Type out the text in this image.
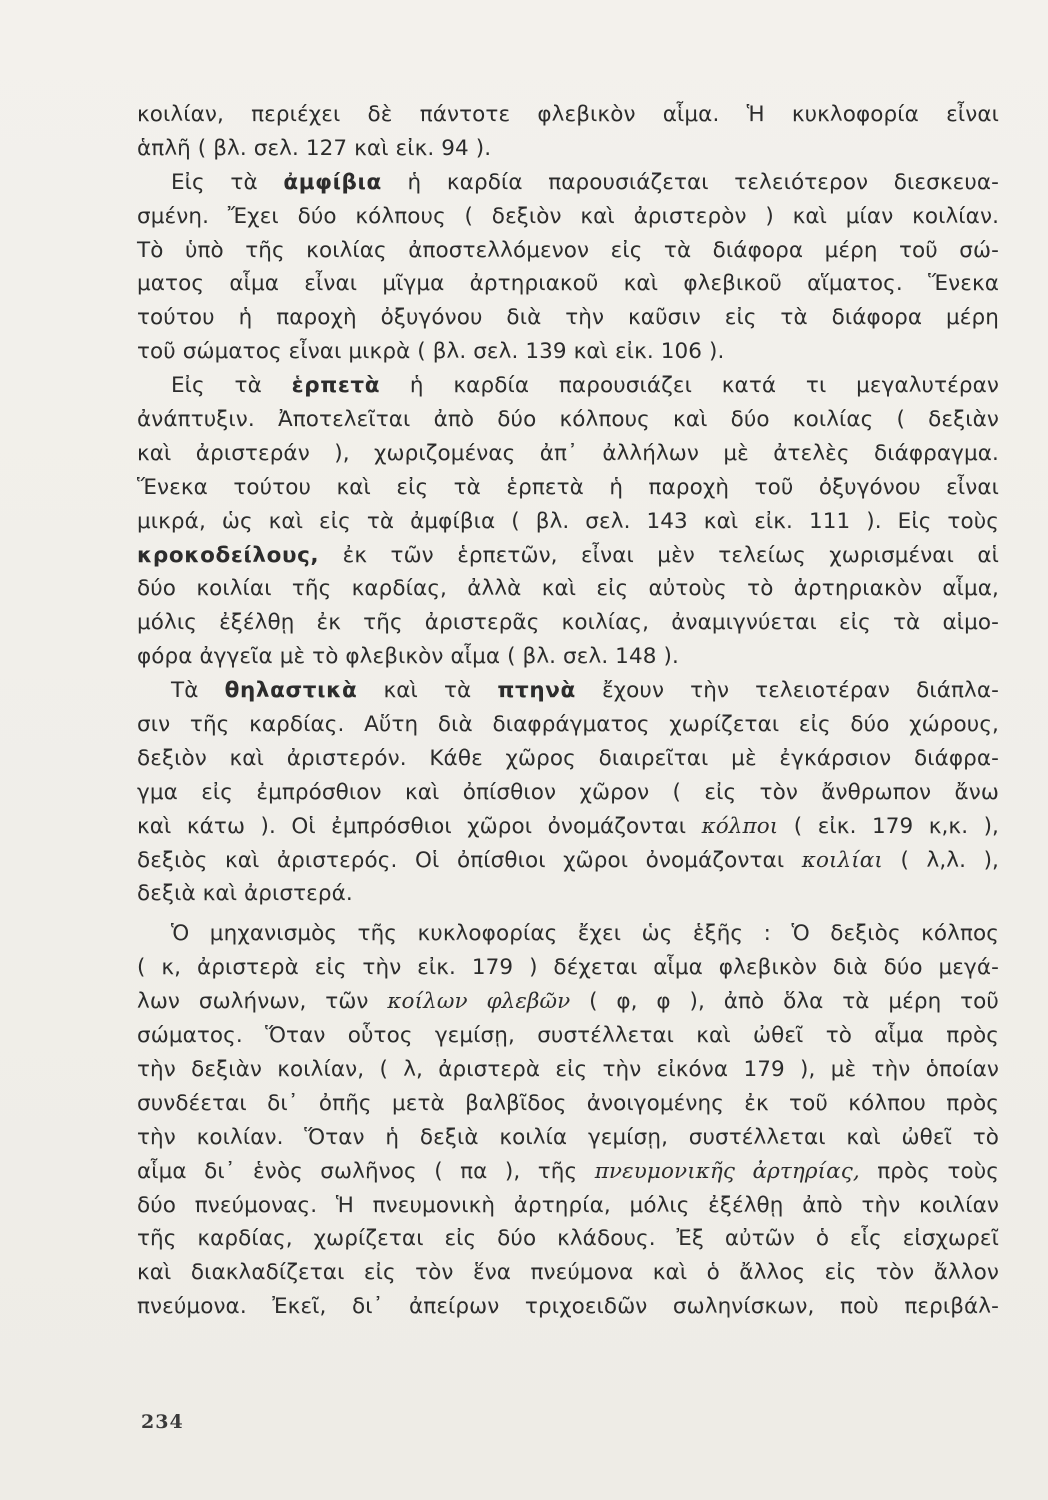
κοιλίαν, περιέχει δὲ πάντοτε φλεβικὸν αἷμα. Ἡ κυκλοφορία εἶναι
ἁπλῆ ( βλ. σελ. 127 καὶ εἰκ. 94 ).
Εἰς τὰ ἀμφίβια ἡ καρδία παρουσιάζεται τελειότερον διεσκευα-
σμένη. Ἔχει δύο κόλπους ( δεξιὸν καὶ ἀριστερὸν ) καὶ μίαν κοιλίαν.
Τὸ ὑπὸ τῆς κοιλίας ἀποστελλόμενον εἰς τὰ διάφορα μέρη τοῦ σώ-
ματος αἷμα εἶναι μῖγμα ἀρτηριακοῦ καὶ φλεβικοῦ αἵματος. Ἕνεκα
τούτου ἡ παροχὴ ὀξυγόνου διὰ τὴν καῦσιν εἰς τὰ διάφορα μέρη
τοῦ σώματος εἶναι μικρὰ ( βλ. σελ. 139 καὶ εἰκ. 106 ).
Εἰς τὰ ἑρπετὰ ἡ καρδία παρουσιάζει κατά τι μεγαλυτέραν
ἀνάπτυξιν. Ἀποτελεῖται ἀπὸ δύο κόλπους καὶ δύο κοιλίας ( δεξιὰν
καὶ ἀριστεράν ), χωριζομένας ἀπ᾽ ἀλλήλων μὲ ἀτελὲς διάφραγμα.
Ἕνεκα τούτου καὶ εἰς τὰ ἑρπετὰ ἡ παροχὴ τοῦ ὀξυγόνου εἶναι
μικρά, ὡς καὶ εἰς τὰ ἀμφίβια ( βλ. σελ. 143 καὶ εἰκ. 111 ). Εἰς τοὺς
κροκοδείλους, ἐκ τῶν ἑρπετῶν, εἶναι μὲν τελείως χωρισμέναι αἱ
δύο κοιλίαι τῆς καρδίας, ἀλλὰ καὶ εἰς αὐτοὺς τὸ ἀρτηριακὸν αἷμα,
μόλις ἐξέλθῃ ἐκ τῆς ἀριστερᾶς κοιλίας, ἀναμιγνύεται εἰς τὰ αἱμο-
φόρα ἀγγεῖα μὲ τὸ φλεβικὸν αἷμα ( βλ. σελ. 148 ).
Τὰ θηλαστικὰ καὶ τὰ πτηνὰ ἔχουν τὴν τελειοτέραν διάπλα-
σιν τῆς καρδίας. Αὕτη διὰ διαφράγματος χωρίζεται εἰς δύο χώρους,
δεξιὸν καὶ ἀριστερόν. Κάθε χῶρος διαιρεῖται μὲ ἐγκάρσιον διάφρα-
γμα εἰς ἐμπρόσθιον καὶ ὀπίσθιον χῶρον ( εἰς τὸν ἄνθρωπον ἄνω
καὶ κάτω ). Οἱ ἐμπρόσθιοι χῶροι ὀνομάζονται κόλποι ( εἰκ. 179 κ,κ. ),
δεξιὸς καὶ ἀριστερός. Οἱ ὀπίσθιοι χῶροι ὀνομάζονται κοιλίαι ( λ,λ. ),
δεξιὰ καὶ ἀριστερά.
Ὁ μηχανισμὸς τῆς κυκλοφορίας ἔχει ὡς ἑξῆς : Ὁ δεξιὸς κόλπος
( κ, ἀριστερὰ εἰς τὴν εἰκ. 179 ) δέχεται αἷμα φλεβικὸν διὰ δύο μεγά-
λων σωλήνων, τῶν κοίλων φλεβῶν ( φ, φ ), ἀπὸ ὅλα τὰ μέρη τοῦ
σώματος. Ὅταν οὗτος γεμίσῃ, συστέλλεται καὶ ὠθεῖ τὸ αἷμα πρὸς
τὴν δεξιὰν κοιλίαν, ( λ, ἀριστερὰ εἰς τὴν εἰκόνα 179 ), μὲ τὴν ὁποίαν
συνδέεται δι᾽ ὀπῆς μετὰ βαλβῖδος ἀνοιγομένης ἐκ τοῦ κόλπου πρὸς
τὴν κοιλίαν. Ὅταν ἡ δεξιὰ κοιλία γεμίσῃ, συστέλλεται καὶ ὠθεῖ τὸ
αἷμα δι᾽ ἑνὸς σωλῆνος ( πα ), τῆς πνευμονικῆς ἀρτηρίας, πρὸς τοὺς
δύο πνεύμονας. Ἡ πνευμονικὴ ἀρτηρία, μόλις ἐξέλθῃ ἀπὸ τὴν κοιλίαν
τῆς καρδίας, χωρίζεται εἰς δύο κλάδους. Ἐξ αὐτῶν ὁ εἷς εἰσχωρεῖ
καὶ διακλαδίζεται εἰς τὸν ἕνα πνεύμονα καὶ ὁ ἄλλος εἰς τὸν ἄλλον
πνεύμονα. Ἐκεῖ, δι᾽ ἀπείρων τριχοειδῶν σωληνίσκων, ποὺ περιβάλ-
234
